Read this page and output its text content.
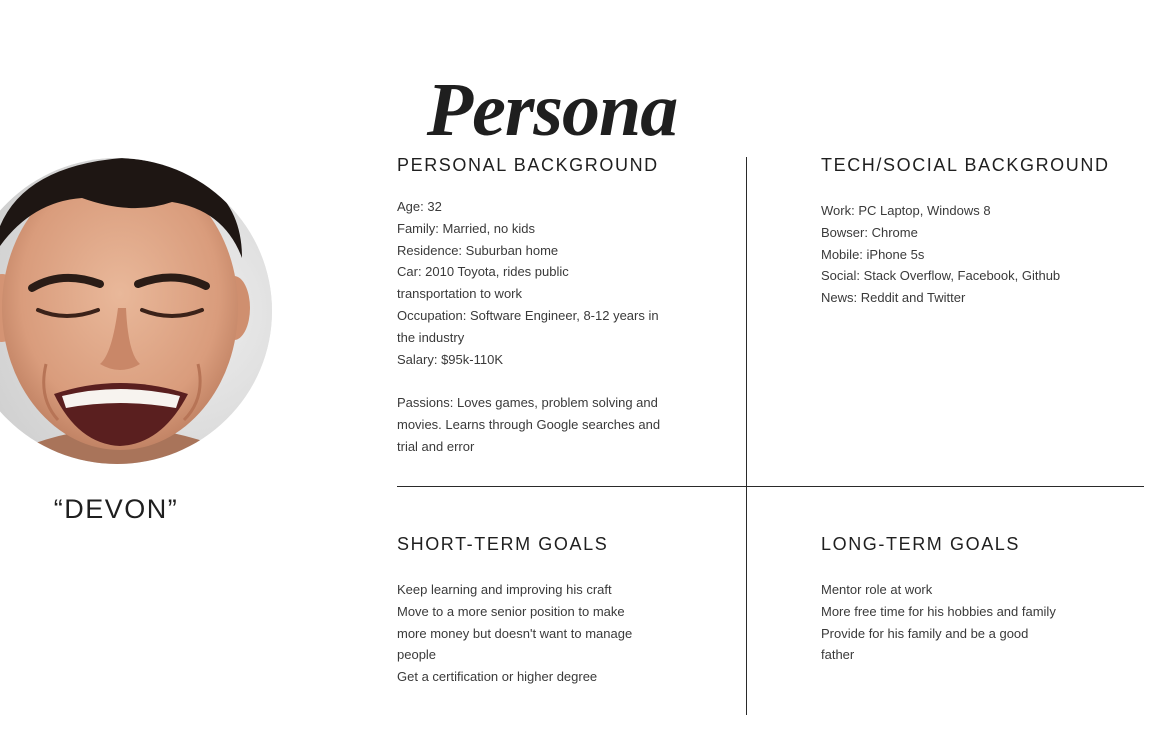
Persona
“DEVON”
PERSONAL BACKGROUND
Age: 32
Family: Married, no kids
Residence: Suburban home
Car: 2010 Toyota, rides public
transportation to work
Occupation: Software Engineer, 8-12 years in
the industry
Salary: $95k-110K
Passions: Loves games, problem solving and
movies. Learns through Google searches and
trial and error
TECH/SOCIAL BACKGROUND
Work: PC Laptop, Windows 8
Bowser: Chrome
Mobile: iPhone 5s
Social: Stack Overflow, Facebook, Github
News: Reddit and Twitter
SHORT-TERM GOALS
Keep learning and improving his craft
Move to a more senior position to make
more money but doesn't want to manage
people
Get a certification or higher degree
LONG-TERM GOALS
Mentor role at work
More free time for his hobbies and family
Provide for his family and be a good
father
